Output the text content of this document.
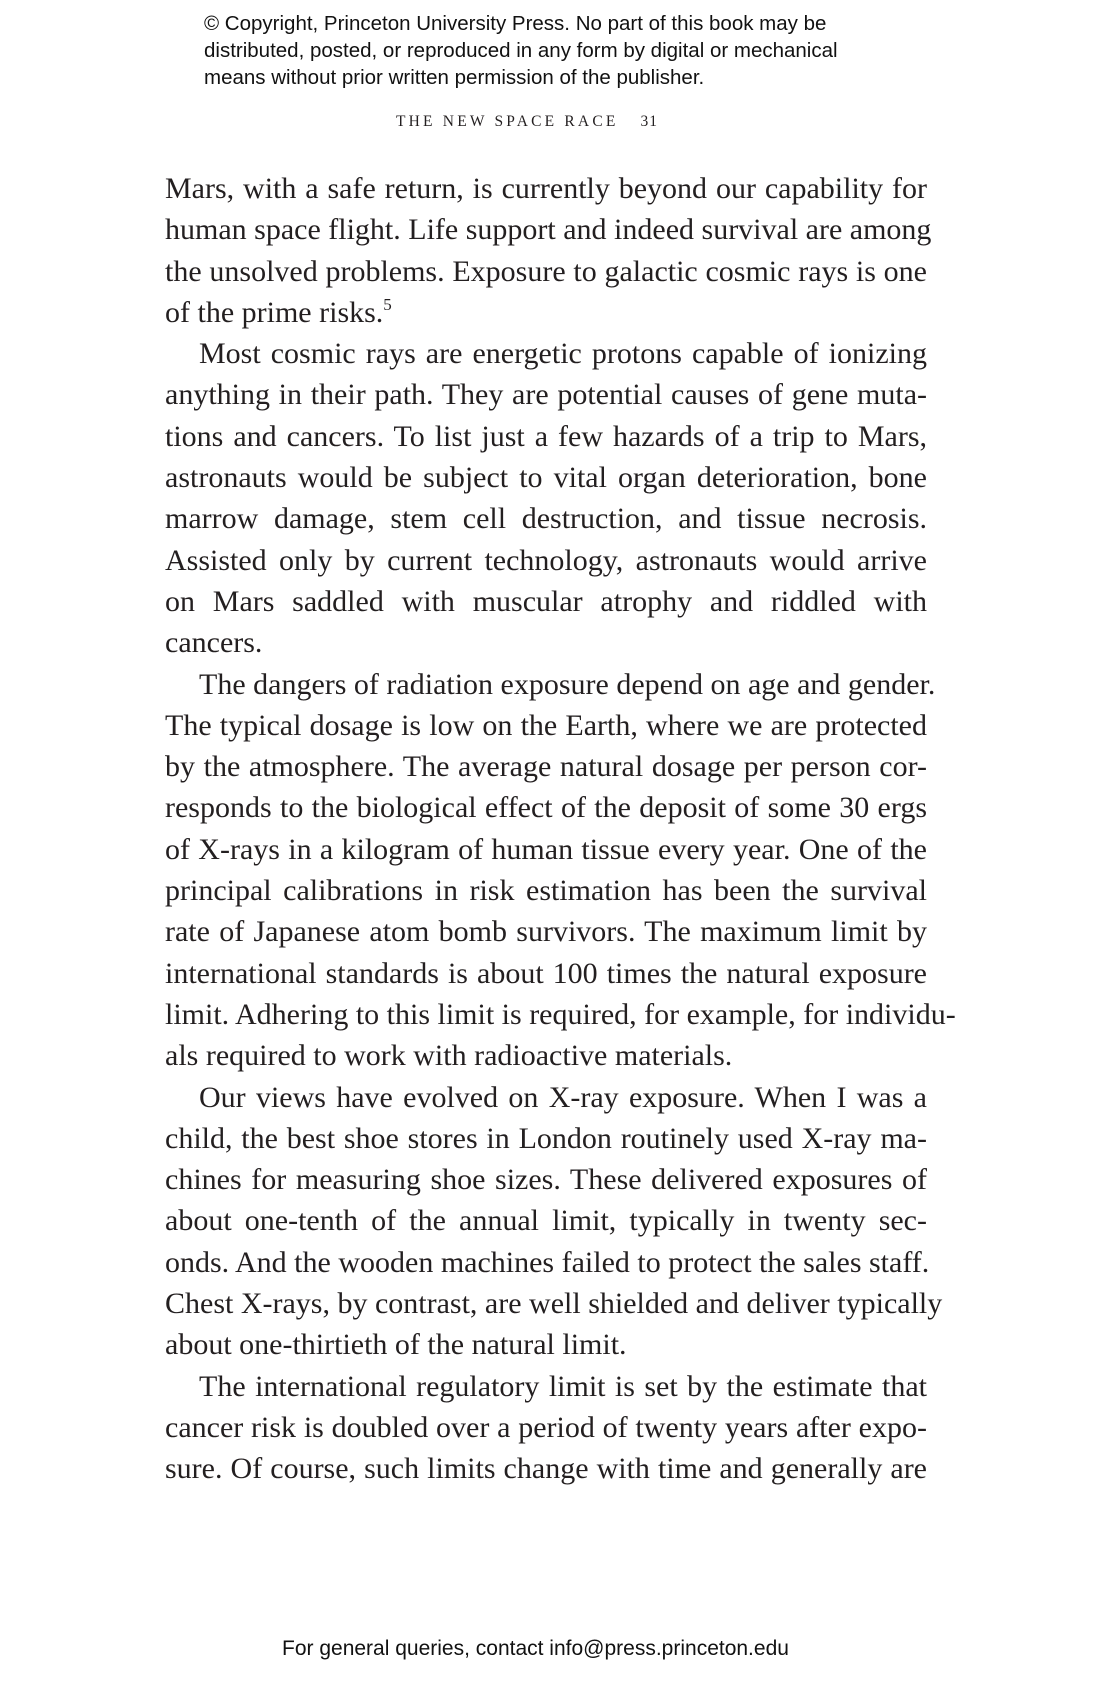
© Copyright, Princeton University Press. No part of this book may be
distributed, posted, or reproduced in any form by digital or mechanical
means without prior written permission of the publisher.
THE NEW SPACE RACE 31
Mars, with a safe return, is currently beyond our capability for
human space flight. Life support and indeed survival are among
the unsolved problems. Exposure to galactic cosmic rays is one
of the prime risks.$^5$
Most cosmic rays are energetic protons capable of ionizing
anything in their path. They are potential causes of gene muta-
tions and cancers. To list just a few hazards of a trip to Mars,
astronauts would be subject to vital organ deterioration, bone
marrow damage, stem cell destruction, and tissue necrosis.
Assisted only by current technology, astronauts would arrive
on Mars saddled with muscular atrophy and riddled with
cancers.
The dangers of radiation exposure depend on age and gender.
The typical dosage is low on the Earth, where we are protected
by the atmosphere. The average natural dosage per person cor-
responds to the biological effect of the deposit of some 30 ergs
of X-rays in a kilogram of human tissue every year. One of the
principal calibrations in risk estimation has been the survival
rate of Japanese atom bomb survivors. The maximum limit by
international standards is about 100 times the natural exposure
limit. Adhering to this limit is required, for example, for individu-
als required to work with radioactive materials.
Our views have evolved on X-ray exposure. When I was a
child, the best shoe stores in London routinely used X-ray ma-
chines for measuring shoe sizes. These delivered exposures of
about one-tenth of the annual limit, typically in twenty sec-
onds. And the wooden machines failed to protect the sales staff.
Chest X-rays, by contrast, are well shielded and deliver typically
about one-thirtieth of the natural limit.
The international regulatory limit is set by the estimate that
cancer risk is doubled over a period of twenty years after expo-
sure. Of course, such limits change with time and generally are
For general queries, contact info@press.princeton.edu
